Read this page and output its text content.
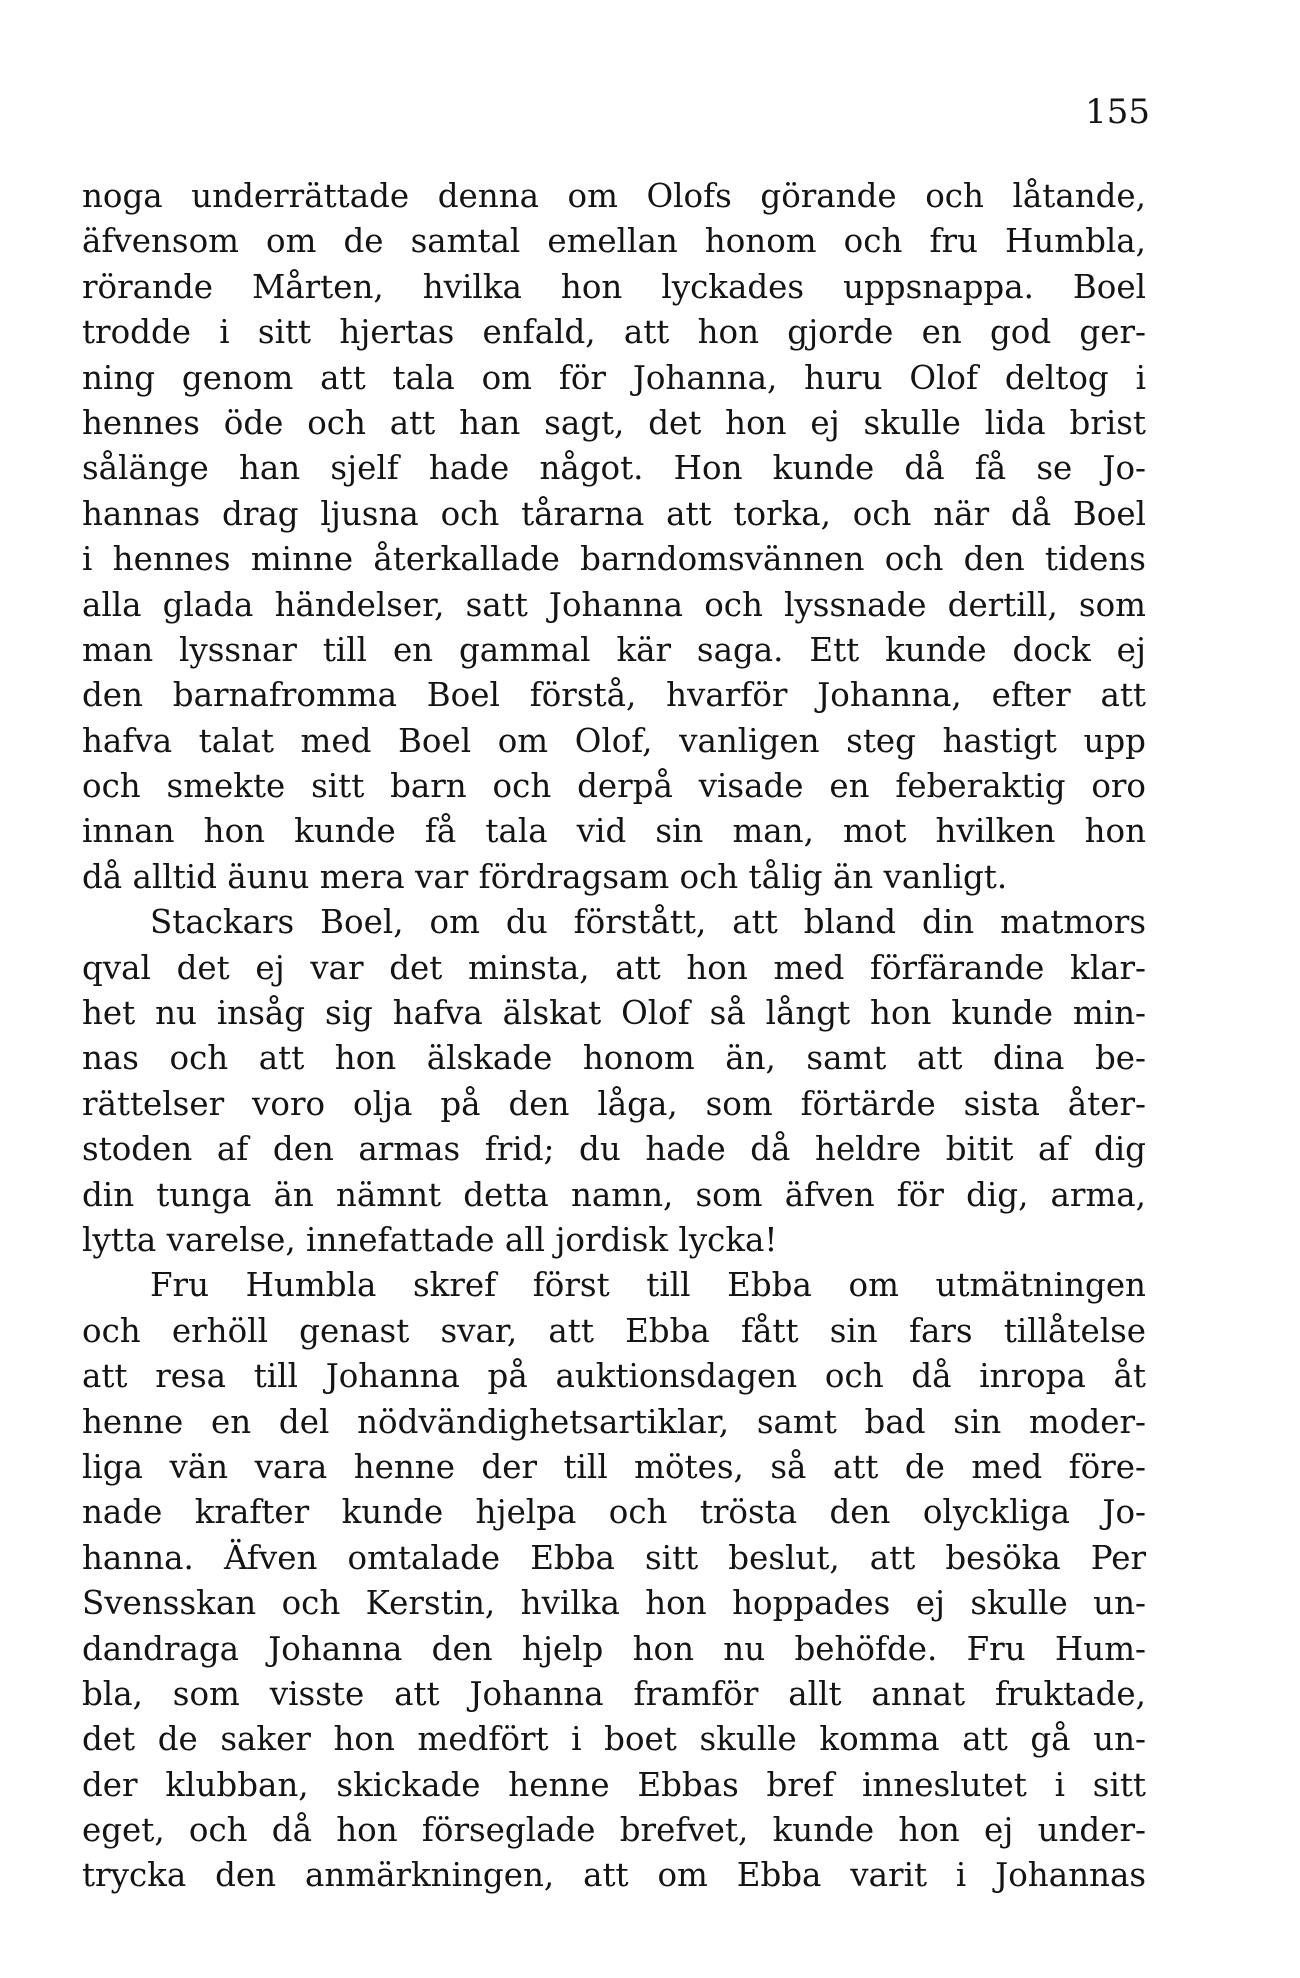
155
noga underrättade denna om Olofs görande och låtande,
äfvensom om de samtal emellan honom och fru Humbla,
rörande Mårten, hvilka hon lyckades uppsnappa. Boel
trodde i sitt hjertas enfald, att hon gjorde en god ger-
ning genom att tala om för Johanna, huru Olof deltog i
hennes öde och att han sagt, det hon ej skulle lida brist
sålänge han sjelf hade något. Hon kunde då få se Jo-
hannas drag ljusna och tårarna att torka, och när då Boel
i hennes minne återkallade barndomsvännen och den tidens
alla glada händelser, satt Johanna och lyssnade dertill, som
man lyssnar till en gammal kär saga. Ett kunde dock ej
den barnafromma Boel förstå, hvarför Johanna, efter att
hafva talat med Boel om Olof, vanligen steg hastigt upp
och smekte sitt barn och derpå visade en feberaktig oro
innan hon kunde få tala vid sin man, mot hvilken hon
då alltid äunu mera var fördragsam och tålig än vanligt.
Stackars Boel, om du förstått, att bland din matmors
qval det ej var det minsta, att hon med förfärande klar-
het nu insåg sig hafva älskat Olof så långt hon kunde min-
nas och att hon älskade honom än, samt att dina be-
rättelser voro olja på den låga, som förtärde sista åter-
stoden af den armas frid; du hade då heldre bitit af dig
din tunga än nämnt detta namn, som äfven för dig, arma,
lytta varelse, innefattade all jordisk lycka!
Fru Humbla skref först till Ebba om utmätningen
och erhöll genast svar, att Ebba fått sin fars tillåtelse
att resa till Johanna på auktionsdagen och då inropa åt
henne en del nödvändighetsartiklar, samt bad sin moder-
liga vän vara henne der till mötes, så att de med före-
nade krafter kunde hjelpa och trösta den olyckliga Jo-
hanna. Äfven omtalade Ebba sitt beslut, att besöka Per
Svensskan och Kerstin, hvilka hon hoppades ej skulle un-
dandraga Johanna den hjelp hon nu behöfde. Fru Hum-
bla, som visste att Johanna framför allt annat fruktade,
det de saker hon medfört i boet skulle komma att gå un-
der klubban, skickade henne Ebbas bref inneslutet i sitt
eget, och då hon förseglade brefvet, kunde hon ej under-
trycka den anmärkningen, att om Ebba varit i Johannas
